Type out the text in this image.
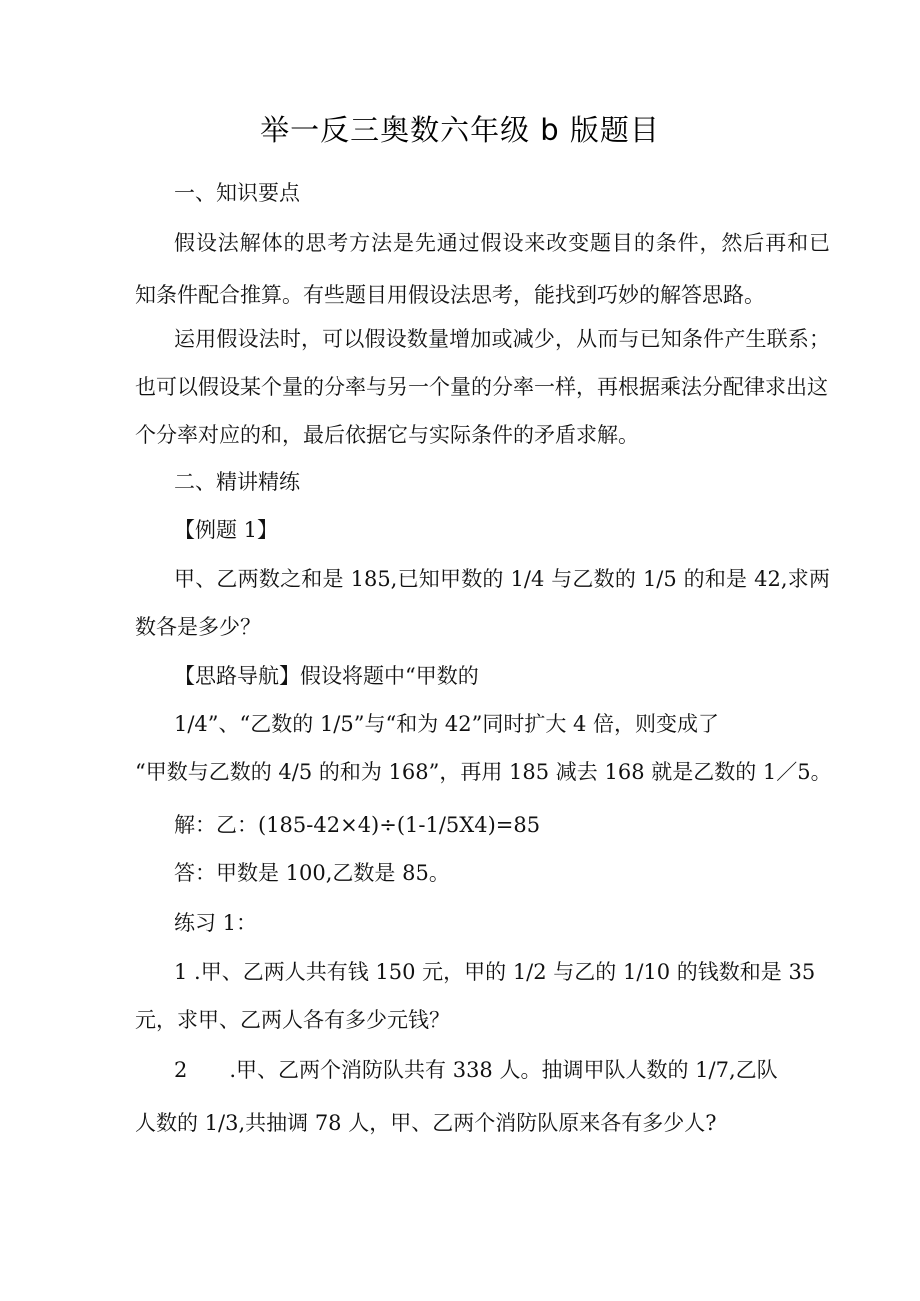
举一反三奥数六年级 b 版题目
一、知识要点
假设法解体的思考方法是先通过假设来改变题目的条件，然后再和已
知条件配合推算。有些题目用假设法思考，能找到巧妙的解答思路。
运用假设法时，可以假设数量增加或减少，从而与已知条件产生联系；
也可以假设某个量的分率与另一个量的分率一样，再根据乘法分配律求出这
个分率对应的和，最后依据它与实际条件的矛盾求解。
二、精讲精练
【例题 1】
甲、乙两数之和是 185,已知甲数的 1/4 与乙数的 1/5 的和是 42,求两
数各是多少？
【思路导航】假设将题中“甲数的
1/4”、“乙数的 1/5”与“和为 42”同时扩大 4 倍，则变成了
“甲数与乙数的 4/5 的和为 168”，再用 185 减去 168 就是乙数的 1／5。
解：乙：(185-42×4)÷(1-1/5X4)=85
答：甲数是 100,乙数是 85。
练习 1：
1 .甲、乙两人共有钱 150 元，甲的 1/2 与乙的 1/10 的钱数和是 35
元，求甲、乙两人各有多少元钱？
2　　.甲、乙两个消防队共有 338 人。抽调甲队人数的 1/7,乙队
人数的 1/3,共抽调 78 人，甲、乙两个消防队原来各有多少人?
